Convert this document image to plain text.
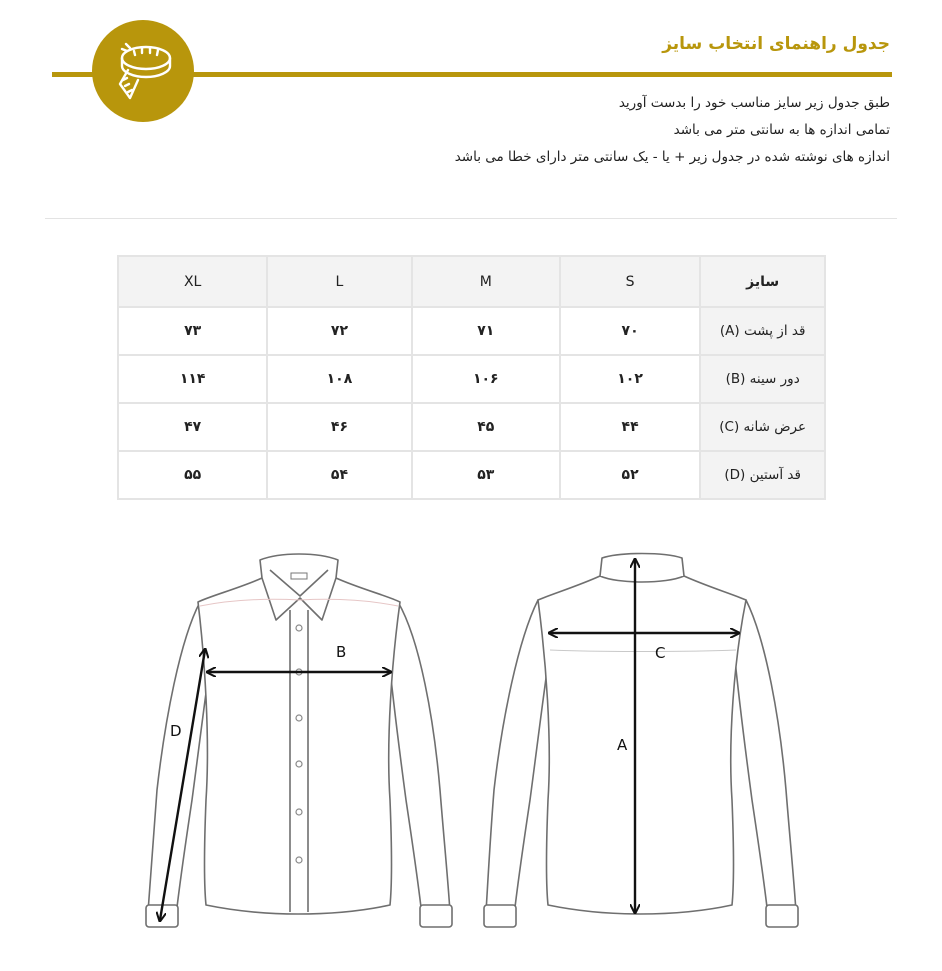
جدول راهنمای انتخاب سایز

طبق جدول زیر سایز مناسب خود را بدست آورید

تمامی اندازه ها به سانتی متر می باشد

اندازه های نوشته شده در جدول زیر + یا - یک سانتی متر دارای خطا می باشد

سایز	S	M	L	XL
قد از پشت (A)	۷۰	۷۱	۷۲	۷۳
دور سینه (B)	۱۰۲	۱۰۶	۱۰۸	۱۱۴
عرض شانه (C)	۴۴	۴۵	۴۶	۴۷
قد آستین (D)	۵۲	۵۳	۵۴	۵۵
B
D
C
A
